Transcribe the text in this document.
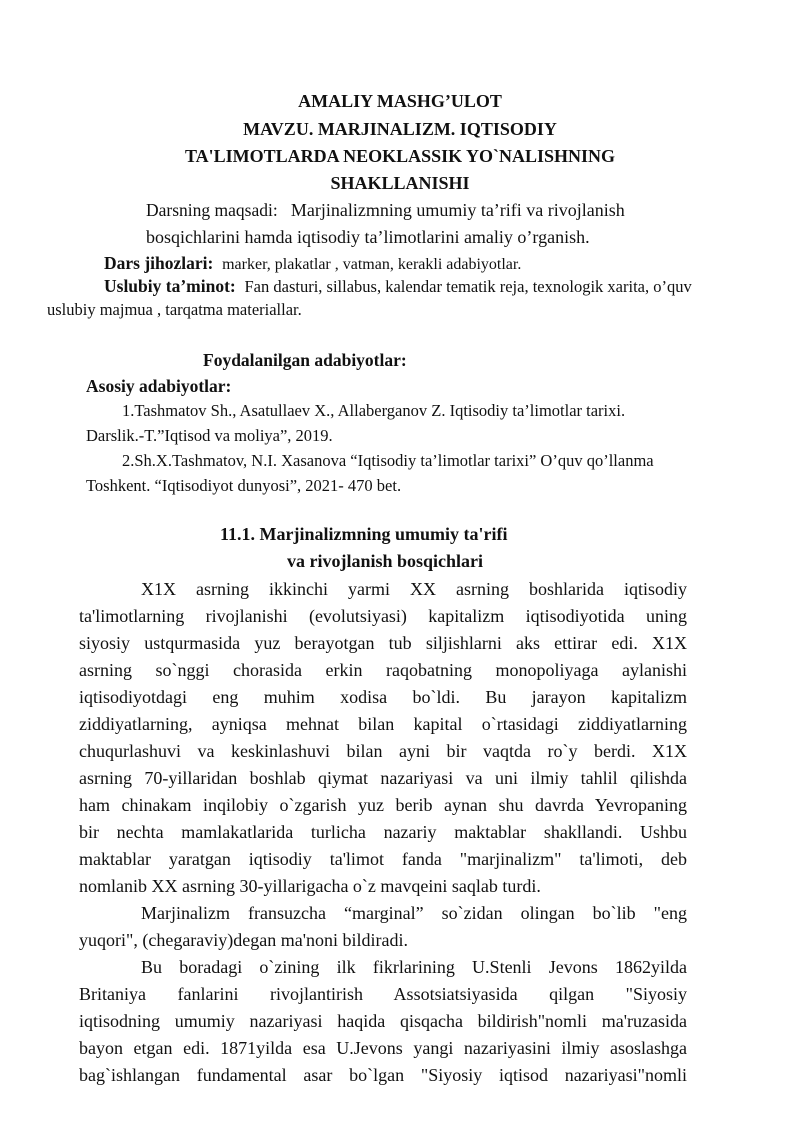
AMALIY MASHG’ULOT
MAVZU. MARJINALIZM. IQTISODIY
TA'LIMOTLARDA NEOKLASSIK YO`NALISHNING
SHAKLLANISHI
Darsning maqsadi: Marjinalizmning umumiy ta’rifi va rivojlanish
bosqichlarini hamda iqtisodiy ta’limotlarini amaliy o’rganish.
Dars jihozlari: marker, plakatlar , vatman, kerakli adabiyotlar.
Uslubiy ta’minot: Fan dasturi, sillabus, kalendar tematik reja, texnologik xarita, o’quv
uslubiy majmua , tarqatma materiallar.
Foydalanilgan adabiyotlar:
Asosiy adabiyotlar:
1.Tashmatov Sh., Asatullaev X., Allaberganov Z. Iqtisodiy ta’limotlar tarixi.
Darslik.-T.”Iqtisod va moliya”, 2019.
2.Sh.X.Tashmatov, N.I. Xasanova “Iqtisodiy ta’limotlar tarixi” O’quv qo’llanma
Toshkent. “Iqtisodiyot dunyosi”, 2021- 470 bet.
11.1. Marjinalizmning umumiy ta'rifi
va rivojlanish bosqichlari
X1X asrning ikkinchi yarmi XX asrning boshlarida iqtisodiy
ta'limotlarning rivojlanishi (evolutsiyasi) kapitalizm iqtisodiyotida uning
siyosiy ustqurmasida yuz berayotgan tub siljishlarni aks ettirar edi. X1X
asrning so`nggi chorasida erkin raqobatning monopoliyaga aylanishi
iqtisodiyotdagi eng muhim xodisa bo`ldi. Bu jarayon kapitalizm
ziddiyatlarning, ayniqsa mehnat bilan kapital o`rtasidagi ziddiyatlarning
chuqurlashuvi va keskinlashuvi bilan ayni bir vaqtda ro`y berdi. X1X
asrning 70-yillaridan boshlab qiymat nazariyasi va uni ilmiy tahlil qilishda
ham chinakam inqilobiy o`zgarish yuz berib aynan shu davrda Yevropaning
bir nechta mamlakatlarida turlicha nazariy maktablar shakllandi. Ushbu
maktablar yaratgan iqtisodiy ta'limot fanda "marjinalizm" ta'limoti, deb
nomlanib XX asrning 30-yillarigacha o`z mavqeini saqlab turdi.
Marjinalizm fransuzcha “marginal” so`zidan olingan bo`lib "eng
yuqori", (chegaraviy)degan ma'noni bildiradi.
Bu boradagi o`zining ilk fikrlarining U.Stenli Jevons 1862yilda
Britaniya fanlarini rivojlantirish Assotsiatsiyasida qilgan "Siyosiy
iqtisodning umumiy nazariyasi haqida qisqacha bildirish"nomli ma'ruzasida
bayon etgan edi. 1871yilda esa U.Jevons yangi nazariyasini ilmiy asoslashga
bag`ishlangan fundamental asar bo`lgan "Siyosiy iqtisod nazariyasi"nomli
